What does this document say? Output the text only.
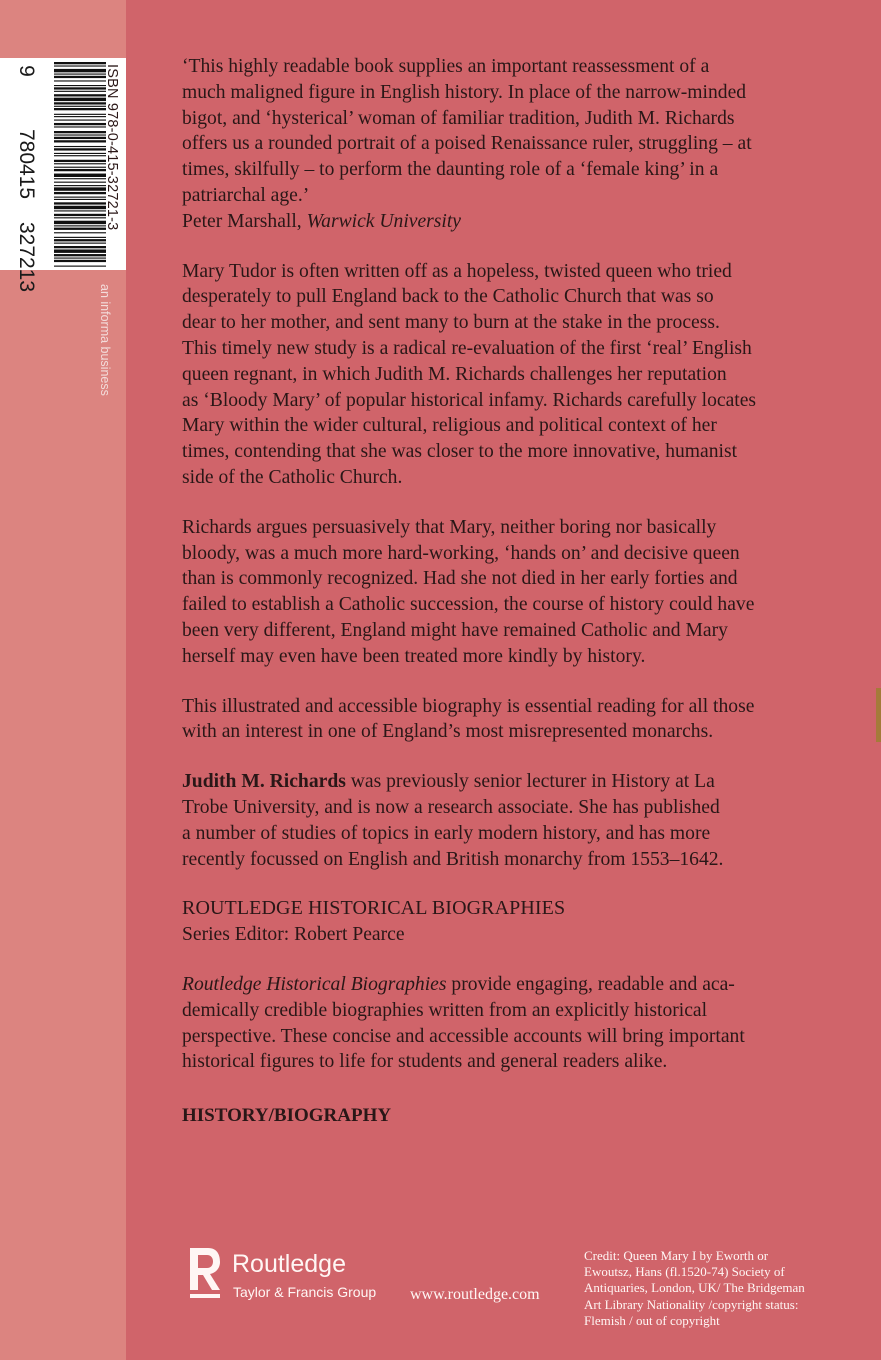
9
780415
327213
ISBN 978-0-415-32721-3
an informa business

‘This highly readable book supplies an important reassessment of a
much maligned figure in English history. In place of the narrow-minded
bigot, and ‘hysterical’ woman of familiar tradition, Judith M. Richards
offers us a rounded portrait of a poised Renaissance ruler, struggling – at
times, skilfully – to perform the daunting role of a ‘female king’ in a
patriarchal age.’
Peter Marshall, Warwick University

Mary Tudor is often written off as a hopeless, twisted queen who tried
desperately to pull England back to the Catholic Church that was so
dear to her mother, and sent many to burn at the stake in the process.
This timely new study is a radical re-evaluation of the first ‘real’ English
queen regnant, in which Judith M. Richards challenges her reputation
as ‘Bloody Mary’ of popular historical infamy. Richards carefully locates
Mary within the wider cultural, religious and political context of her
times, contending that she was closer to the more innovative, humanist
side of the Catholic Church.

Richards argues persuasively that Mary, neither boring nor basically
bloody, was a much more hard-working, ‘hands on’ and decisive queen
than is commonly recognized. Had she not died in her early forties and
failed to establish a Catholic succession, the course of history could have
been very different, England might have remained Catholic and Mary
herself may even have been treated more kindly by history.

This illustrated and accessible biography is essential reading for all those
with an interest in one of England’s most misrepresented monarchs.

Judith M. Richards was previously senior lecturer in History at La
Trobe University, and is now a research associate. She has published
a number of studies of topics in early modern history, and has more
recently focussed on English and British monarchy from 1553–1642.

ROUTLEDGE HISTORICAL BIOGRAPHIES
Series Editor: Robert Pearce

Routledge Historical Biographies provide engaging, readable and aca-
demically credible biographies written from an explicitly historical
perspective. These concise and accessible accounts will bring important
historical figures to life for students and general readers alike.

HISTORY/BIOGRAPHY

Routledge
Taylor & Francis Group www.routledge.com
Credit: Queen Mary I by Eworth or
Ewoutsz, Hans (fl.1520-74) Society of
Antiquaries, London, UK/ The Bridgeman
Art Library Nationality /copyright status:
Flemish / out of copyright
